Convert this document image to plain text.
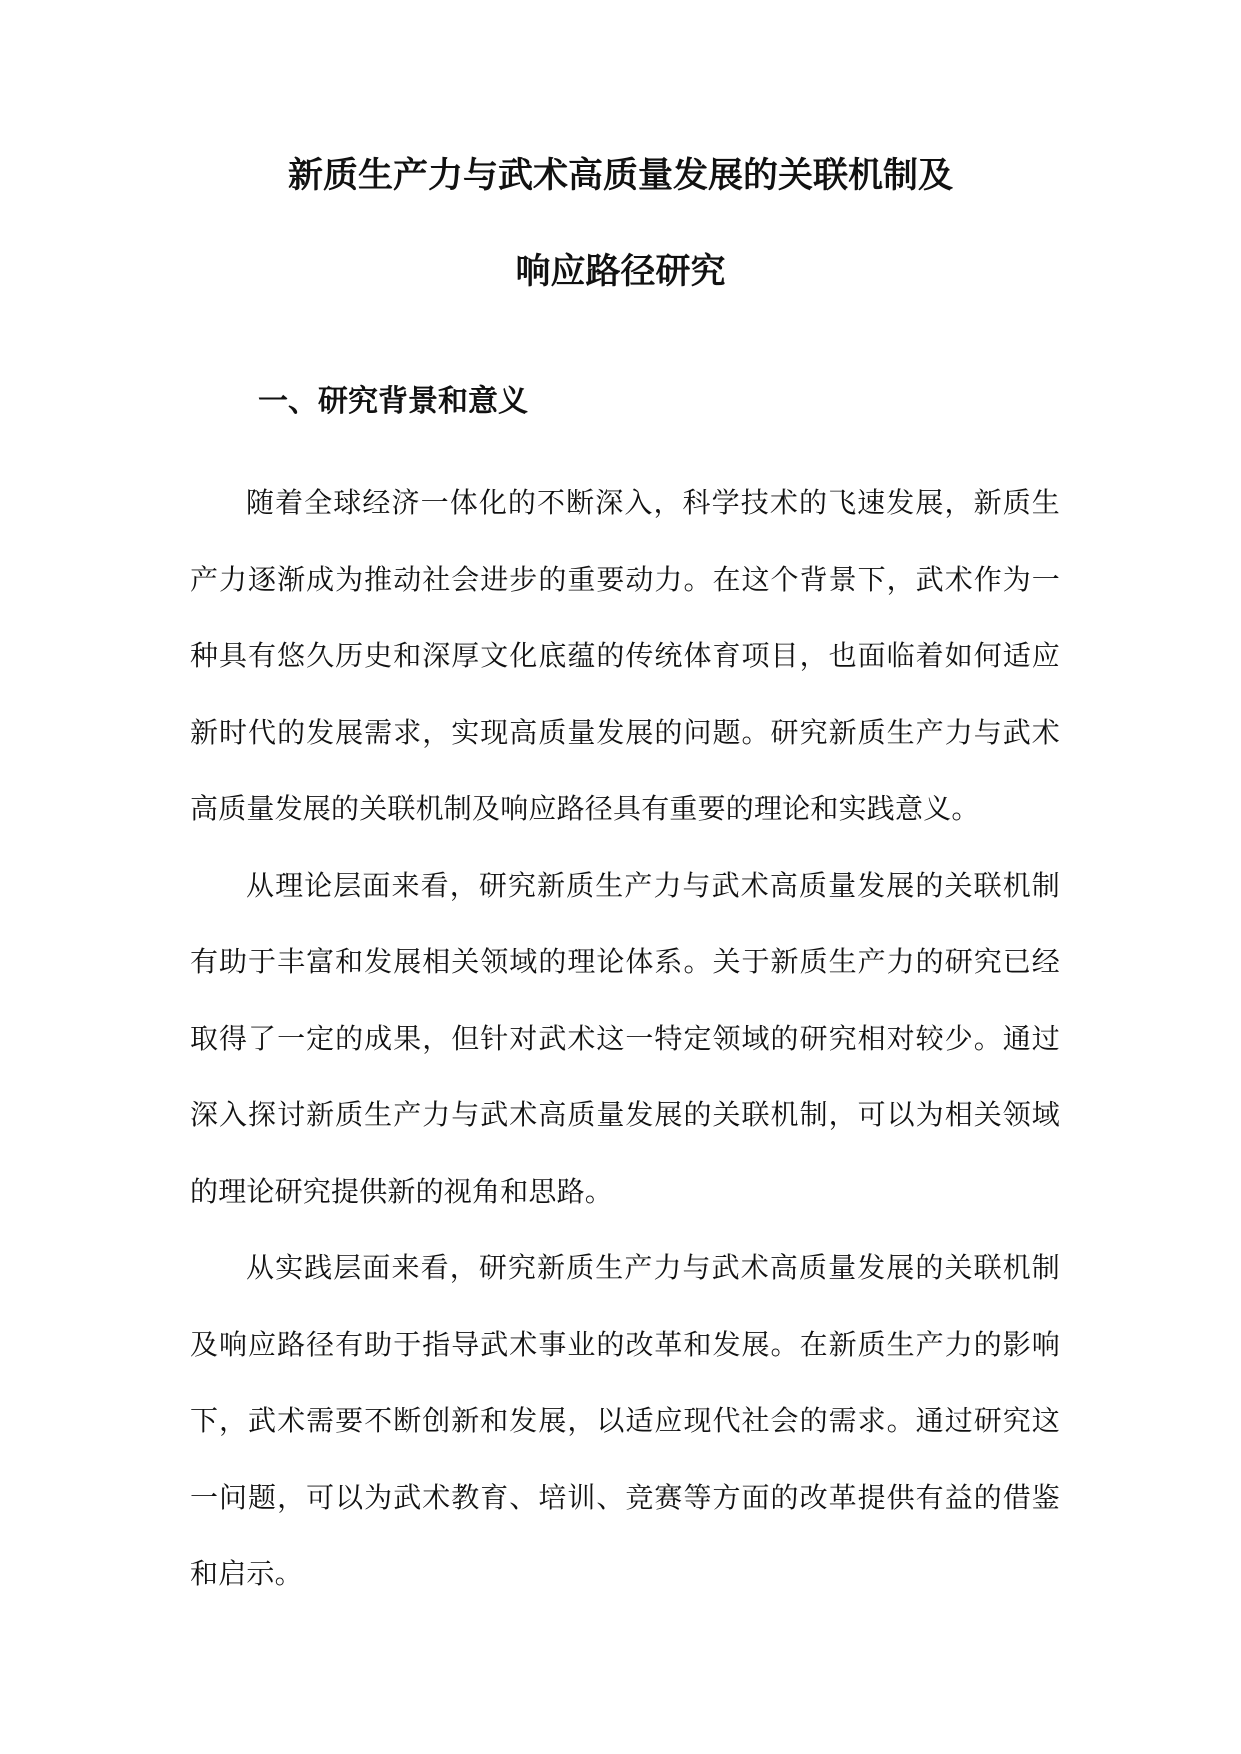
新质生产力与武术高质量发展的关联机制及
响应路径研究
一、研究背景和意义

随着全球经济一体化的不断深入，科学技术的飞速发展，新质生产力逐渐成为推动社会进步的重要动力。在这个背景下，武术作为一种具有悠久历史和深厚文化底蕴的传统体育项目，也面临着如何适应新时代的发展需求，实现高质量发展的问题。研究新质生产力与武术高质量发展的关联机制及响应路径具有重要的理论和实践意义。

从理论层面来看，研究新质生产力与武术高质量发展的关联机制有助于丰富和发展相关领域的理论体系。关于新质生产力的研究已经取得了一定的成果，但针对武术这一特定领域的研究相对较少。通过深入探讨新质生产力与武术高质量发展的关联机制，可以为相关领域的理论研究提供新的视角和思路。

从实践层面来看，研究新质生产力与武术高质量发展的关联机制及响应路径有助于指导武术事业的改革和发展。在新质生产力的影响下，武术需要不断创新和发展，以适应现代社会的需求。通过研究这一问题，可以为武术教育、培训、竞赛等方面的改革提供有益的借鉴和启示。
